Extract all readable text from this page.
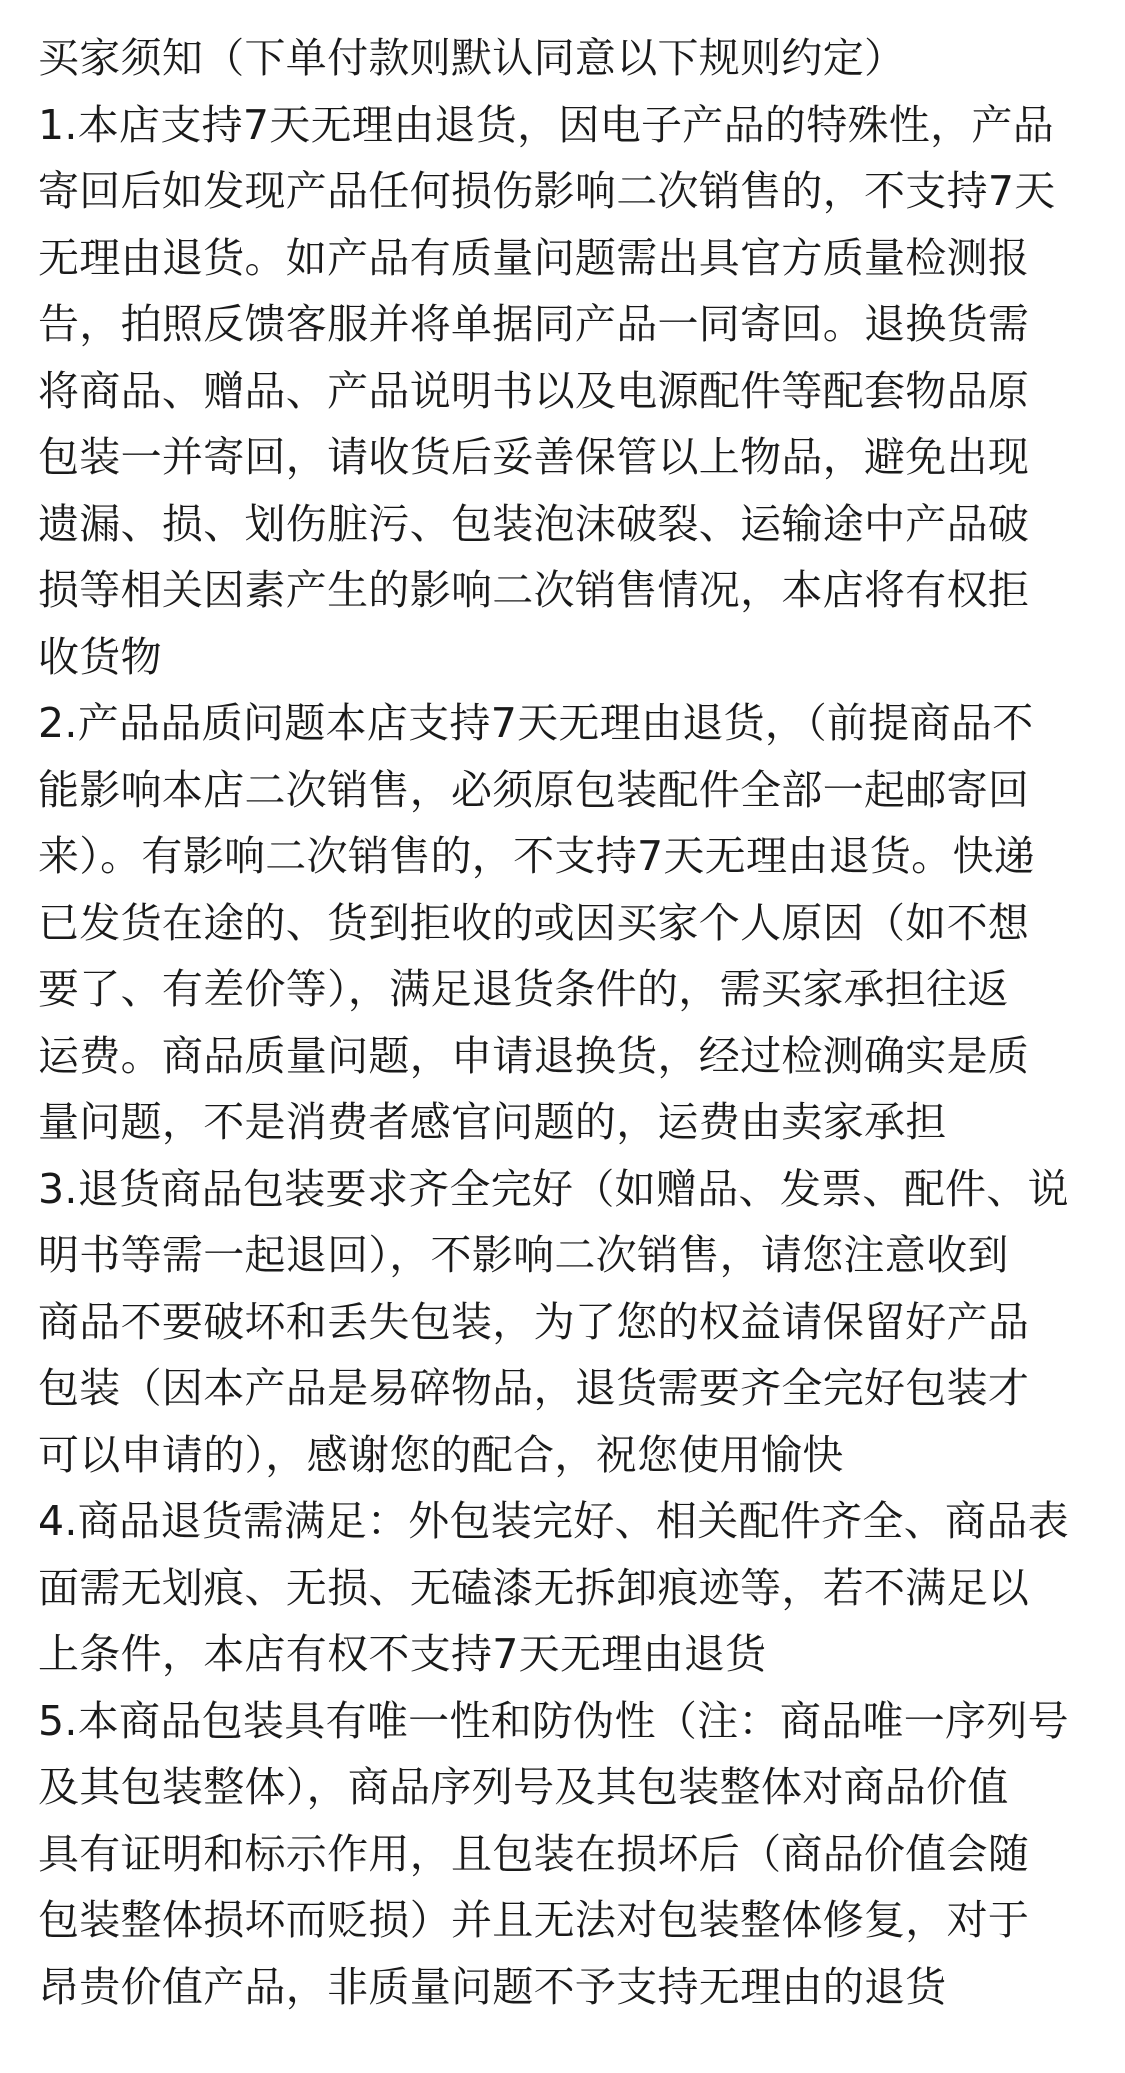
买家须知（下单付款则默认同意以下规则约定）
1.本店支持7天无理由退货，因电子产品的特殊性，产品
寄回后如发现产品任何损伤影响二次销售的，不支持7天
无理由退货。如产品有质量问题需出具官方质量检测报
告，拍照反馈客服并将单据同产品一同寄回。退换货需
将商品、赠品、产品说明书以及电源配件等配套物品原
包装一并寄回，请收货后妥善保管以上物品，避免出现
遗漏、损、划伤脏污、包装泡沫破裂、运输途中产品破
损等相关因素产生的影响二次销售情况，本店将有权拒
收货物
2.产品品质问题本店支持7天无理由退货，（前提商品不
能影响本店二次销售，必须原包装配件全部一起邮寄回
来）。有影响二次销售的，不支持7天无理由退货。快递
已发货在途的、货到拒收的或因买家个人原因（如不想
要了、有差价等），满足退货条件的，需买家承担往返
运费。商品质量问题，申请退换货，经过检测确实是质
量问题，不是消费者感官问题的，运费由卖家承担
3.退货商品包装要求齐全完好（如赠品、发票、配件、说
明书等需一起退回），不影响二次销售，请您注意收到
商品不要破坏和丢失包装，为了您的权益请保留好产品
包装（因本产品是易碎物品，退货需要齐全完好包装才
可以申请的），感谢您的配合，祝您使用愉快
4.商品退货需满足：外包装完好、相关配件齐全、商品表
面需无划痕、无损、无磕漆无拆卸痕迹等，若不满足以
上条件，本店有权不支持7天无理由退货
5.本商品包装具有唯一性和防伪性（注：商品唯一序列号
及其包装整体），商品序列号及其包装整体对商品价值
具有证明和标示作用，且包装在损坏后（商品价值会随
包装整体损坏而贬损）并且无法对包装整体修复，对于
昂贵价值产品，非质量问题不予支持无理由的退货
